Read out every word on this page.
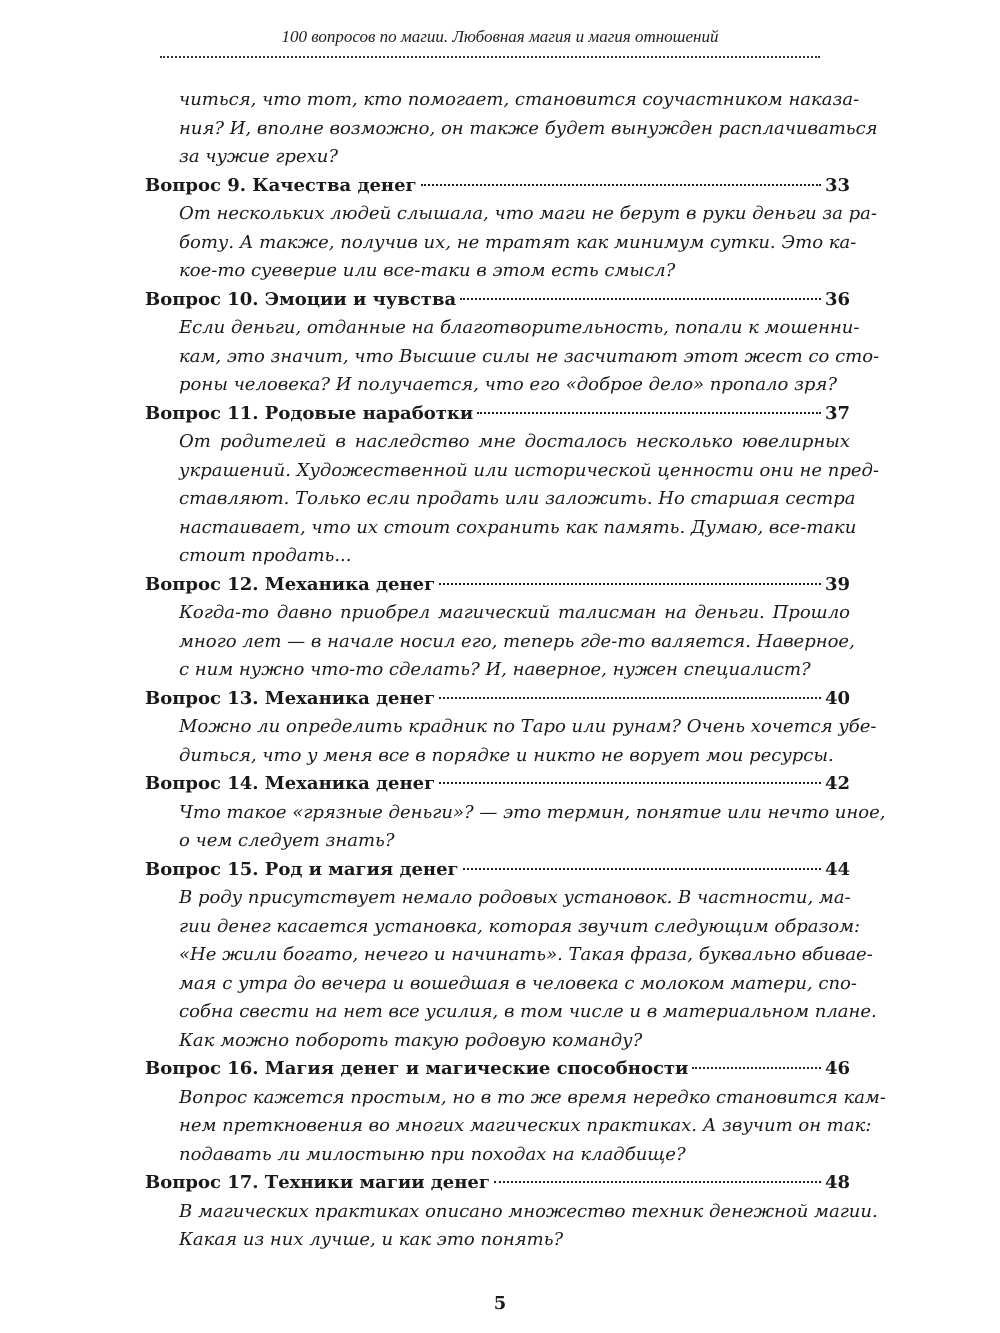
100 вопросов по магии. Любовная магия и магия отношений
читься, что тот, кто помогает, становится соучастником наказа-
ния? И, вполне возможно, он также будет вынужден расплачиваться
за чужие грехи?
Вопрос 9. Качества денег	33
От нескольких людей слышала, что маги не берут в руки деньги за ра-
боту. А также, получив их, не тратят как минимум сутки. Это ка-
кое-то суеверие или все-таки в этом есть смысл?
Вопрос 10. Эмоции и чувства	36
Если деньги, отданные на благотворительность, попали к мошенни-
кам, это значит, что Высшие силы не засчитают этот жест со сто-
роны человека? И получается, что его «доброе дело» пропало зря?
Вопрос 11. Родовые наработки	37
От родителей в наследство мне досталось несколько ювелирных
украшений. Художественной или исторической ценности они не пред-
ставляют. Только если продать или заложить. Но старшая сестра
настаивает, что их стоит сохранить как память. Думаю, все-таки
стоит продать...
Вопрос 12. Механика денег	39
Когда-то давно приобрел магический талисман на деньги. Прошло
много лет — в начале носил его, теперь где-то валяется. Наверное,
с ним нужно что-то сделать? И, наверное, нужен специалист?
Вопрос 13. Механика денег	40
Можно ли определить крадник по Таро или рунам? Очень хочется убе-
диться, что у меня все в порядке и никто не ворует мои ресурсы.
Вопрос 14. Механика денег	42
Что такое «грязные деньги»? — это термин, понятие или нечто иное,
о чем следует знать?
Вопрос 15. Род и магия денег	44
В роду присутствует немало родовых установок. В частности, ма-
гии денег касается установка, которая звучит следующим образом:
«Не жили богато, нечего и начинать». Такая фраза, буквально вбивае-
мая с утра до вечера и вошедшая в человека с молоком матери, спо-
собна свести на нет все усилия, в том числе и в материальном плане.
Как можно побороть такую родовую команду?
Вопрос 16. Магия денег и магические способности	46
Вопрос кажется простым, но в то же время нередко становится кам-
нем преткновения во многих магических практиках. А звучит он так:
подавать ли милостыню при походах на кладбище?
Вопрос 17. Техники магии денег	48
В магических практиках описано множество техник денежной магии.
Какая из них лучше, и как это понять?
5
